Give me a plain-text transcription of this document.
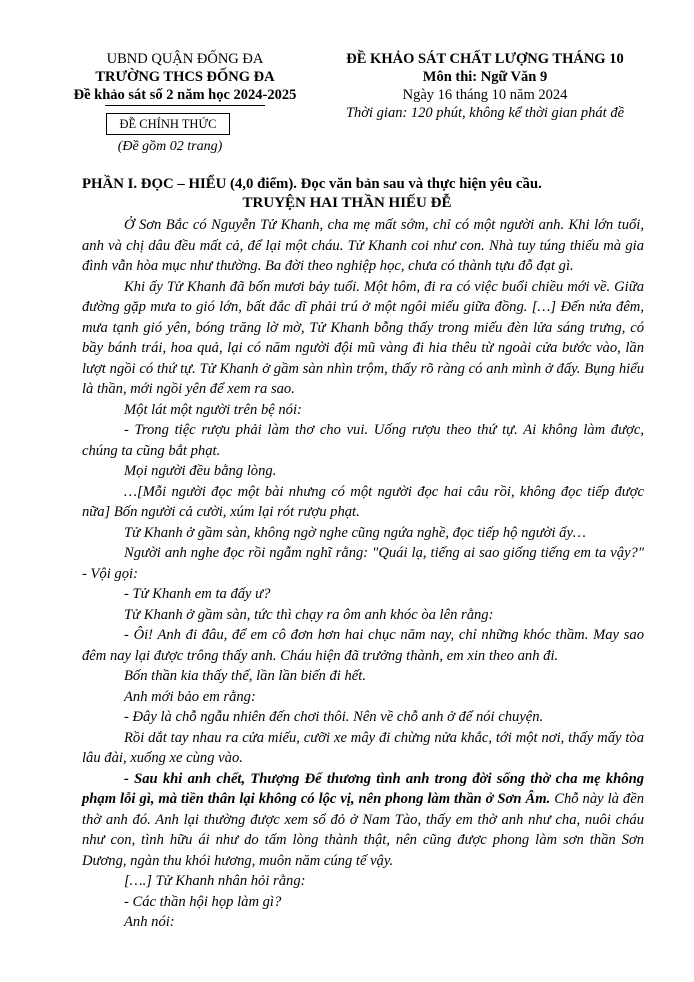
UBND QUẬN ĐỐNG ĐA
TRƯỜNG THCS ĐỐNG ĐA
Đề khảo sát số 2 năm học 2024-2025
ĐỀ CHÍNH THỨC
(Đề gồm 02 trang)
ĐỀ KHẢO SÁT CHẤT LƯỢNG THÁNG 10
Môn thi: Ngữ Văn 9
Ngày 16 tháng 10 năm 2024
Thời gian: 120 phút, không kể thời gian phát đề
PHẦN I. ĐỌC – HIỂU (4,0 điểm). Đọc văn bản sau và thực hiện yêu cầu.
TRUYỆN HAI THẦN HIẾU ĐỄ

Ở Sơn Bắc có Nguyễn Tử Khanh, cha mẹ mất sớm, chỉ có một người anh. Khi lớn tuổi, anh và chị dâu đều mất cả, để lại một cháu. Tử Khanh coi như con. Nhà tuy túng thiếu mà gia đình vẫn hòa mục như thường. Ba đời theo nghiệp học, chưa có thành tựu đỗ đạt gì.

Khi ấy Tử Khanh đã bốn mươi bảy tuổi. Một hôm, đi ra có việc buổi chiều mới về. Giữa đường gặp mưa to gió lớn, bất đắc dĩ phải trú ở một ngôi miếu giữa đồng. […] Đến nửa đêm, mưa tạnh gió yên, bóng trăng lờ mờ, Tử Khanh bỗng thấy trong miếu đèn lửa sáng trưng, có bầy bánh trái, hoa quả, lại có năm người đội mũ vàng đi hia thêu từ ngoài cửa bước vào, lần lượt ngồi có thứ tự. Tử Khanh ở gầm sàn nhìn trộm, thấy rõ ràng có anh mình ở đấy. Bụng hiểu là thần, mới ngồi yên để xem ra sao.

Một lát một người trên bệ nói:

- Trong tiệc rượu phải làm thơ cho vui. Uống rượu theo thứ tự. Ai không làm được, chúng ta cũng bắt phạt.

Mọi người đều bằng lòng.

…[Mỗi người đọc một bài nhưng có một người đọc hai câu rồi, không đọc tiếp được nữa] Bốn người cả cười, xúm lại rót rượu phạt.

Tử Khanh ở gầm sàn, không ngờ nghe cũng ngứa nghề, đọc tiếp hộ người ấy…

Người anh nghe đọc rồi ngẫm nghĩ rằng: "Quái lạ, tiếng ai sao giống tiếng em ta vậy?" - Vội gọi:

- Tử Khanh em ta đấy ư?

Tử Khanh ở gầm sàn, tức thì chạy ra ôm anh khóc òa lên rằng:

- Ôi! Anh đi đâu, để em cô đơn hơn hai chục năm nay, chỉ những khóc thầm. May sao đêm nay lại được trông thấy anh. Cháu hiện đã trưởng thành, em xin theo anh đi.

Bốn thần kia thấy thế, lần lần biến đi hết.

Anh mới bảo em rằng:

- Đây là chỗ ngẫu nhiên đến chơi thôi. Nên về chỗ anh ở để nói chuyện.

Rồi dắt tay nhau ra cửa miếu, cưỡi xe mây đi chừng nửa khắc, tới một nơi, thấy mấy tòa lâu đài, xuống xe cùng vào.

- Sau khi anh chết, Thượng Đế thương tình anh trong đời sống thờ cha mẹ không phạm lỗi gì, mà tiền thân lại không có lộc vị, nên phong làm thần ở Sơn Âm. Chỗ này là đền thờ anh đó. Anh lại thường được xem sổ đỏ ở Nam Tào, thấy em thờ anh như cha, nuôi cháu như con, tình hữu ái như do tấm lòng thành thật, nên cũng được phong làm sơn thần Sơn Dương, ngàn thu khói hương, muôn năm cúng tế vậy.

[….] Tử Khanh nhân hỏi rằng:

- Các thần hội họp làm gì?

Anh nói:
